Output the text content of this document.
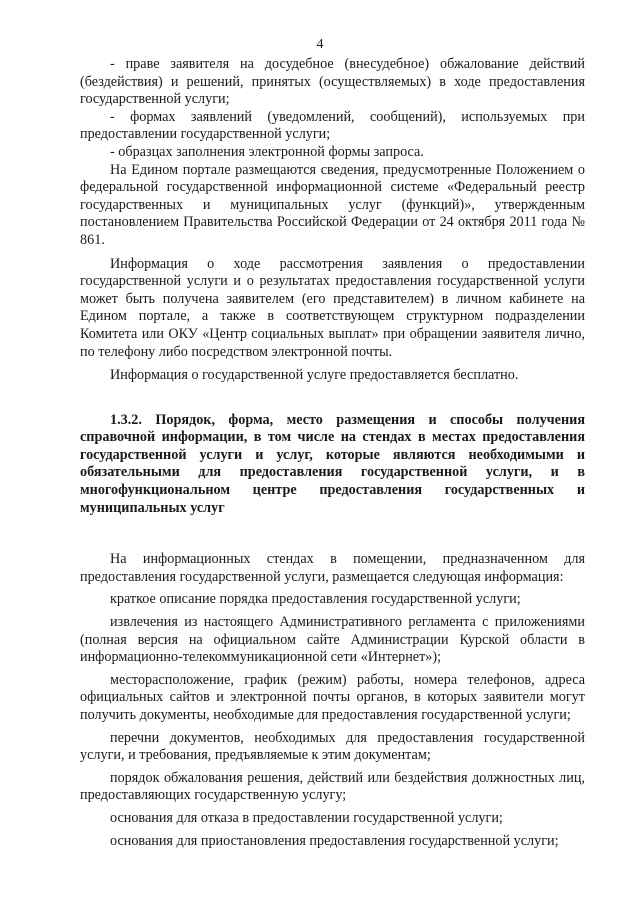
4

- праве заявителя на досудебное (внесудебное) обжалование действий (бездействия) и решений, принятых (осуществляемых) в ходе предоставления государственной услуги;

- формах заявлений (уведомлений, сообщений), используемых при предоставлении государственной услуги;

- образцах заполнения электронной формы запроса.

На Едином портале размещаются сведения, предусмотренные Положением о федеральной государственной информационной системе «Федеральный реестр государственных и муниципальных услуг (функций)», утвержденным постановлением Правительства Российской Федерации от 24 октября 2011 года № 861.

Информация о ходе рассмотрения заявления о предоставлении государственной услуги и о результатах предоставления государственной услуги может быть получена заявителем (его представителем) в личном кабинете на Едином портале, а также в соответствующем структурном подразделении Комитета или ОКУ «Центр социальных выплат» при обращении заявителя лично, по телефону либо посредством электронной почты.

Информация о государственной услуге предоставляется бесплатно.

1.3.2. Порядок, форма, место размещения и способы получения справочной информации, в том числе на стендах в местах предоставления государственной услуги и услуг, которые являются необходимыми и обязательными для предоставления государственной услуги, и в многофункциональном центре предоставления государственных и муниципальных услуг

На информационных стендах в помещении, предназначенном для предоставления государственной услуги, размещается следующая информация:

краткое описание порядка предоставления государственной услуги;

извлечения из настоящего Административного регламента с приложениями (полная версия на официальном сайте Администрации Курской области в информационно-телекоммуникационной сети «Интернет»);

месторасположение, график (режим) работы, номера телефонов, адреса официальных сайтов и электронной почты органов, в которых заявители могут получить документы, необходимые для предоставления государственной услуги;

перечни документов, необходимых для предоставления государственной услуги, и требования, предъявляемые к этим документам;

порядок обжалования решения, действий или бездействия должностных лиц, предоставляющих государственную услугу;

основания для отказа в предоставлении государственной услуги;

основания для приостановления предоставления государственной услуги;
